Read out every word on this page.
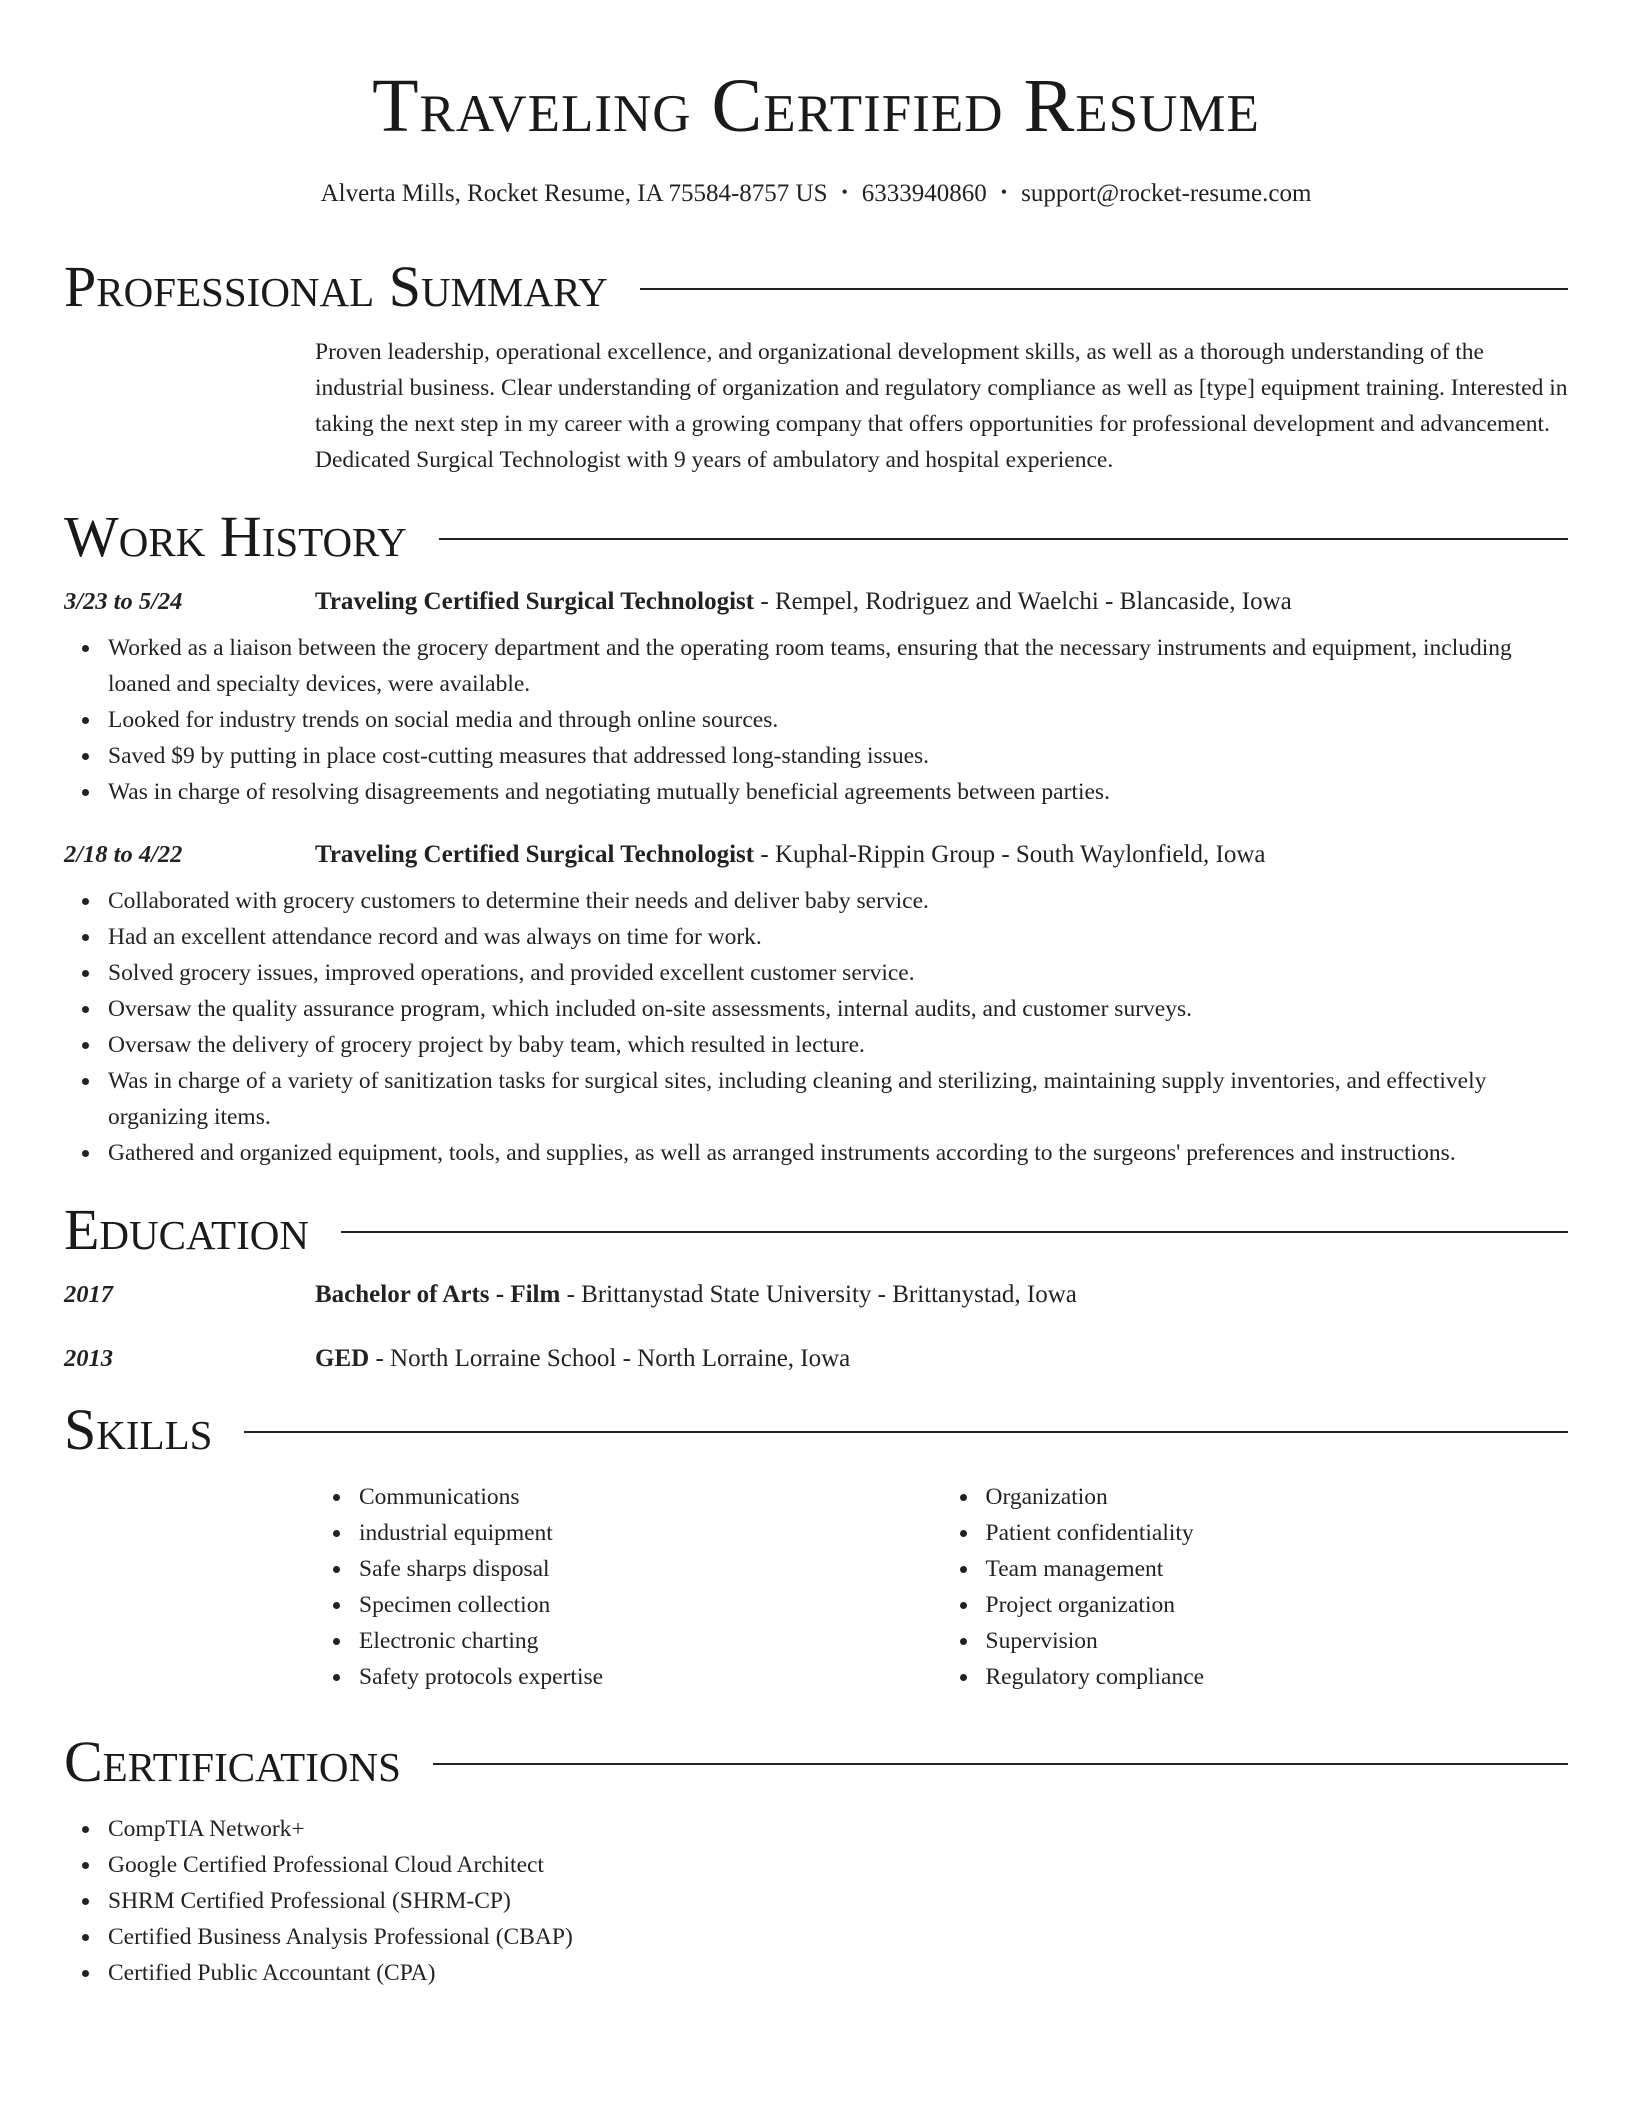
Traveling Certified Resume
Alverta Mills, Rocket Resume, IA 75584-8757 US • 6333940860 • support@rocket-resume.com
Professional Summary
Proven leadership, operational excellence, and organizational development skills, as well as a thorough understanding of the industrial business. Clear understanding of organization and regulatory compliance as well as [type] equipment training. Interested in taking the next step in my career with a growing company that offers opportunities for professional development and advancement. Dedicated Surgical Technologist with 9 years of ambulatory and hospital experience.
Work History
3/23 to 5/24	Traveling Certified Surgical Technologist - Rempel, Rodriguez and Waelchi - Blancaside, Iowa
Worked as a liaison between the grocery department and the operating room teams, ensuring that the necessary instruments and equipment, including loaned and specialty devices, were available.
Looked for industry trends on social media and through online sources.
Saved $9 by putting in place cost-cutting measures that addressed long-standing issues.
Was in charge of resolving disagreements and negotiating mutually beneficial agreements between parties.
2/18 to 4/22	Traveling Certified Surgical Technologist - Kuphal-Rippin Group - South Waylonfield, Iowa
Collaborated with grocery customers to determine their needs and deliver baby service.
Had an excellent attendance record and was always on time for work.
Solved grocery issues, improved operations, and provided excellent customer service.
Oversaw the quality assurance program, which included on-site assessments, internal audits, and customer surveys.
Oversaw the delivery of grocery project by baby team, which resulted in lecture.
Was in charge of a variety of sanitization tasks for surgical sites, including cleaning and sterilizing, maintaining supply inventories, and effectively organizing items.
Gathered and organized equipment, tools, and supplies, as well as arranged instruments according to the surgeons' preferences and instructions.
Education
2017	Bachelor of Arts - Film - Brittanystad State University - Brittanystad, Iowa
2013	GED - North Lorraine School - North Lorraine, Iowa
Skills
Communications
industrial equipment
Safe sharps disposal
Specimen collection
Electronic charting
Safety protocols expertise
Organization
Patient confidentiality
Team management
Project organization
Supervision
Regulatory compliance
Certifications
CompTIA Network+
Google Certified Professional Cloud Architect
SHRM Certified Professional (SHRM-CP)
Certified Business Analysis Professional (CBAP)
Certified Public Accountant (CPA)
